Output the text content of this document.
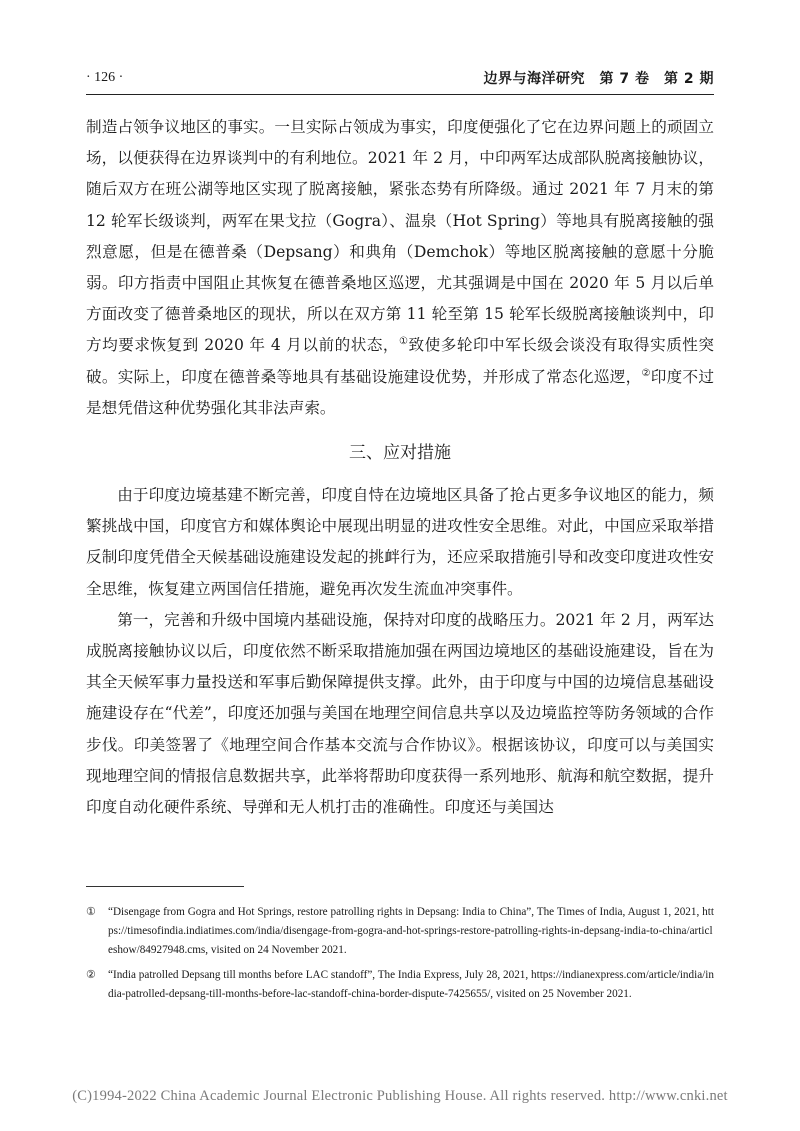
· 126 ·	边界与海洋研究　第 7 卷　第 2 期

制造占领争议地区的事实。一旦实际占领成为事实，印度便强化了它在边界问题上的顽固立场，以便获得在边界谈判中的有利地位。2021 年 2 月，中印两军达成部队脱离接触协议，随后双方在班公湖等地区实现了脱离接触，紧张态势有所降级。通过 2021 年 7 月末的第 12 轮军长级谈判，两军在果戈拉（Gogra）、温泉（Hot Spring）等地具有脱离接触的强烈意愿，但是在德普桑（Depsang）和典角（Demchok）等地区脱离接触的意愿十分脆弱。印方指责中国阻止其恢复在德普桑地区巡逻，尤其强调是中国在 2020 年 5 月以后单方面改变了德普桑地区的现状，所以在双方第 11 轮至第 15 轮军长级脱离接触谈判中，印方均要求恢复到 2020 年 4 月以前的状态，①致使多轮印中军长级会谈没有取得实质性突破。实际上，印度在德普桑等地具有基础设施建设优势，并形成了常态化巡逻，②印度不过是想凭借这种优势强化其非法声索。

三、应对措施

由于印度边境基建不断完善，印度自恃在边境地区具备了抢占更多争议地区的能力，频繁挑战中国，印度官方和媒体舆论中展现出明显的进攻性安全思维。对此，中国应采取举措反制印度凭借全天候基础设施建设发起的挑衅行为，还应采取措施引导和改变印度进攻性安全思维，恢复建立两国信任措施，避免再次发生流血冲突事件。

第一，完善和升级中国境内基础设施，保持对印度的战略压力。2021 年 2 月，两军达成脱离接触协议以后，印度依然不断采取措施加强在两国边境地区的基础设施建设，旨在为其全天候军事力量投送和军事后勤保障提供支撑。此外，由于印度与中国的边境信息基础设施建设存在“代差”，印度还加强与美国在地理空间信息共享以及边境监控等防务领域的合作步伐。印美签署了《地理空间合作基本交流与合作协议》。根据该协议，印度可以与美国实现地理空间的情报信息数据共享，此举将帮助印度获得一系列地形、航海和航空数据，提升印度自动化硬件系统、导弹和无人机打击的准确性。印度还与美国达

① “Disengage from Gogra and Hot Springs, restore patrolling rights in Depsang: India to China”, The Times of India, August 1, 2021, https://timesofindia.indiatimes.com/india/disengage-from-gogra-and-hot-springs-restore-patrolling-rights-in-depsang-india-to-china/articleshow/84927948.cms, visited on 24 November 2021.
② “India patrolled Depsang till months before LAC standoff”, The India Express, July 28, 2021, https://indianexpress.com/article/india/india-patrolled-depsang-till-months-before-lac-standoff-china-border-dispute-7425655/, visited on 25 November 2021.
(C)1994-2022 China Academic Journal Electronic Publishing House. All rights reserved. http://www.cnki.net
